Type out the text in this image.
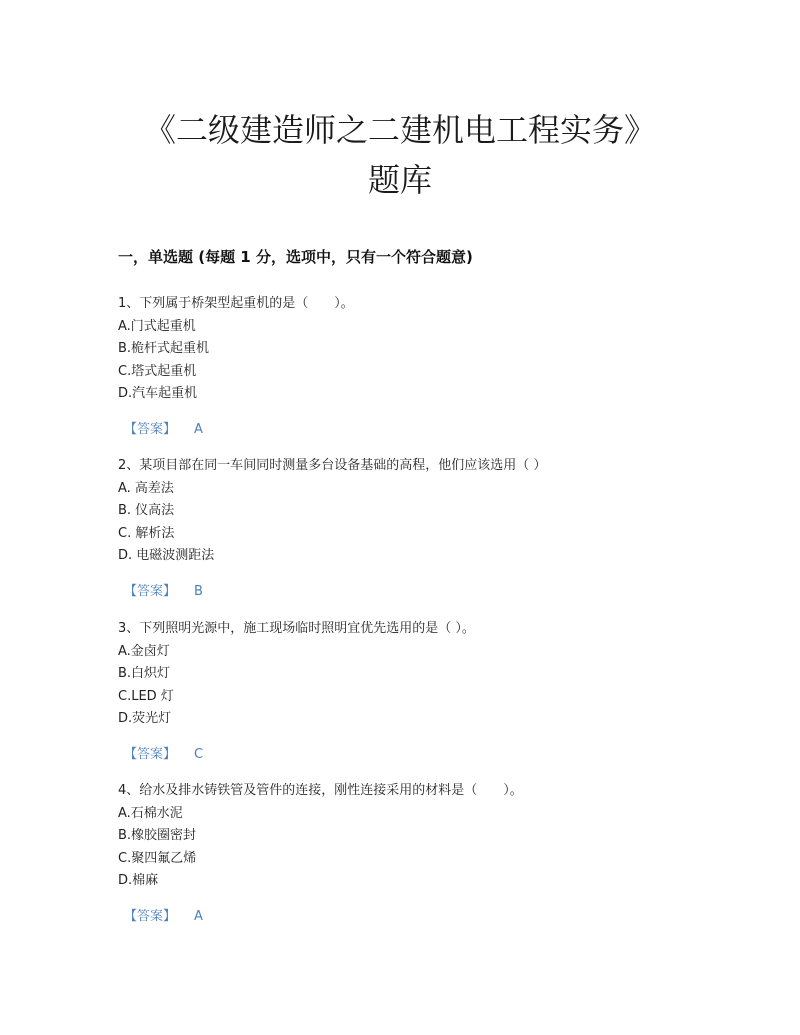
《二级建造师之二建机电工程实务》
题库
一，单选题 (每题 1 分，选项中，只有一个符合题意)
1、下列属于桥架型起重机的是（　　）。
A.门式起重机
B.桅杆式起重机
C.塔式起重机
D.汽车起重机
【答案】 A
2、某项目部在同一车间同时测量多台设备基础的高程，他们应该选用（ ）
A. 高差法
B. 仪高法
C. 解析法
D. 电磁波测距法
【答案】 B
3、下列照明光源中，施工现场临时照明宜优先选用的是（ ）。
A.金卤灯
B.白炽灯
C.LED 灯
D.荧光灯
【答案】 C
4、给水及排水铸铁管及管件的连接，刚性连接采用的材料是（　　）。
A.石棉水泥
B.橡胶圈密封
C.聚四氟乙烯
D.棉麻
【答案】 A
